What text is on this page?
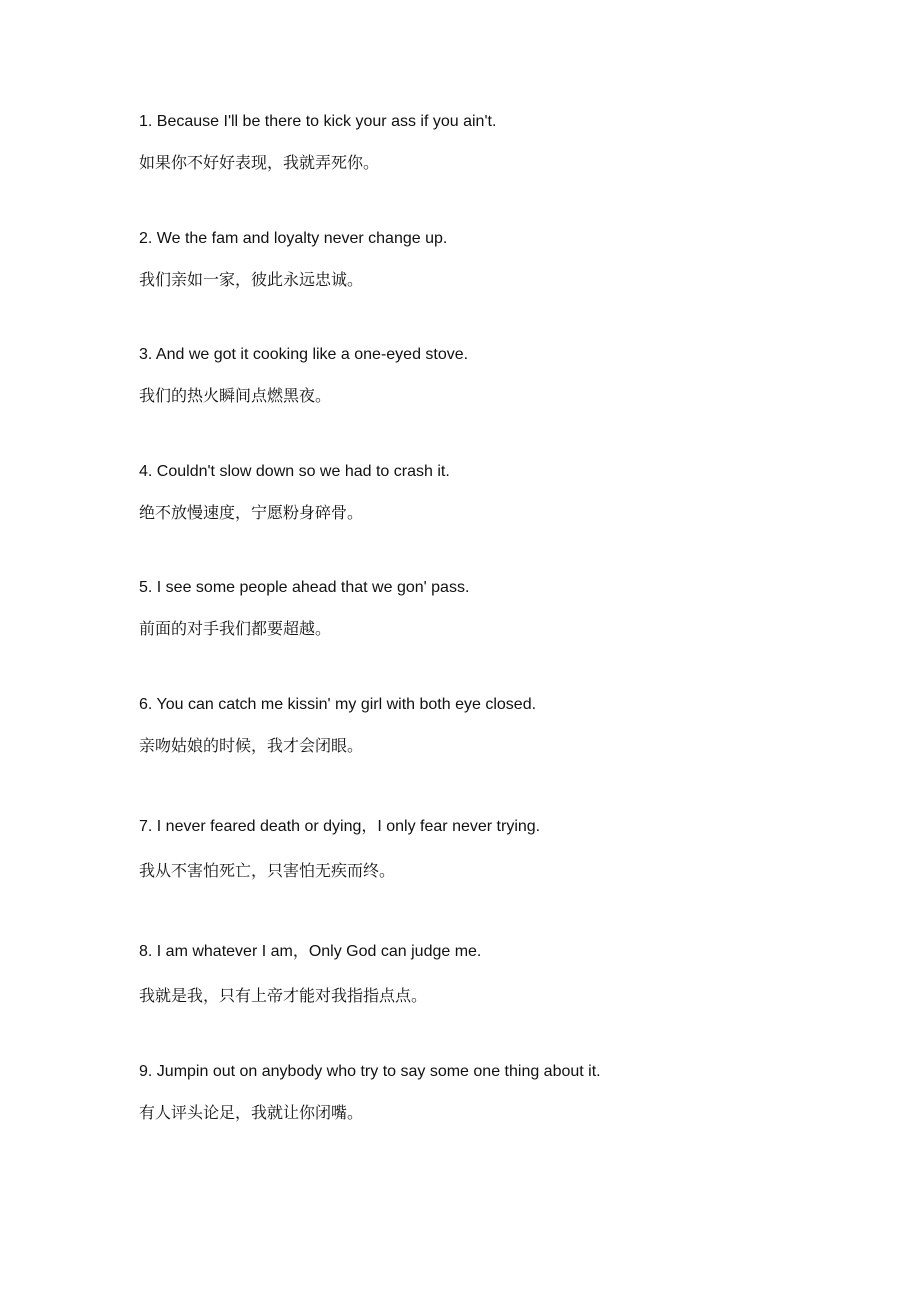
1. Because I'll be there to kick your ass if you ain't.
如果你不好好表现，我就弄死你。
2. We the fam and loyalty never change up.
我们亲如一家，彼此永远忠诚。
3. And we got it cooking like a one-eyed stove.
我们的热火瞬间点燃黑夜。
4. Couldn't slow down so we had to crash it.
绝不放慢速度，宁愿粉身碎骨。
5. I see some people ahead that we gon' pass.
前面的对手我们都要超越。
6. You can catch me kissin' my girl with both eye closed.
亲吻姑娘的时候，我才会闭眼。
7. I never feared death or dying，I only fear never trying.
我从不害怕死亡，只害怕无疾而终。
8. I am whatever I am，Only God can judge me.
我就是我，只有上帝才能对我指指点点。
9. Jumpin out on anybody who try to say some one thing about it.
有人评头论足，我就让你闭嘴。
